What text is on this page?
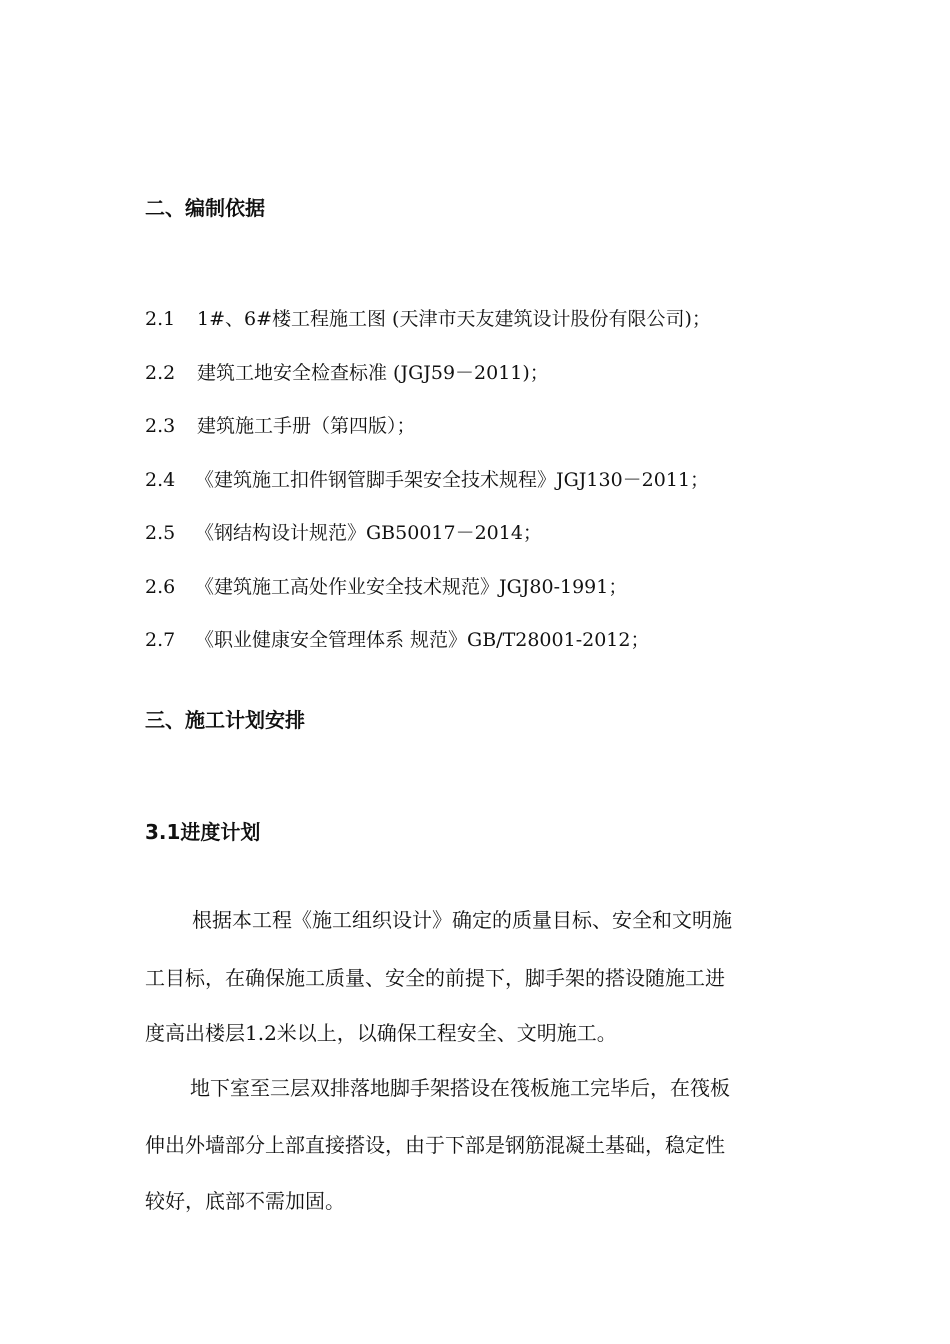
二、编制依据
2.1 1#、6#楼工程施工图 (天津市天友建筑设计股份有限公司)；
2.2 建筑工地安全检查标准 (JGJ59－2011)；
2.3 建筑施工手册（第四版）；
2.4 《建筑施工扣件钢管脚手架安全技术规程》JGJ130－2011；
2.5 《钢结构设计规范》GB50017－2014；
2.6 《建筑施工高处作业安全技术规范》JGJ80-1991；
2.7 《职业健康安全管理体系 规范》GB/T28001-2012；
三、施工计划安排
3.1进度计划
根据本工程《施工组织设计》确定的质量目标、安全和文明施
工目标，在确保施工质量、安全的前提下，脚手架的搭设随施工进
度高出楼层1.2米以上，以确保工程安全、文明施工。
地下室至三层双排落地脚手架搭设在筏板施工完毕后，在筏板
伸出外墙部分上部直接搭设，由于下部是钢筋混凝土基础，稳定性
较好，底部不需加固。
